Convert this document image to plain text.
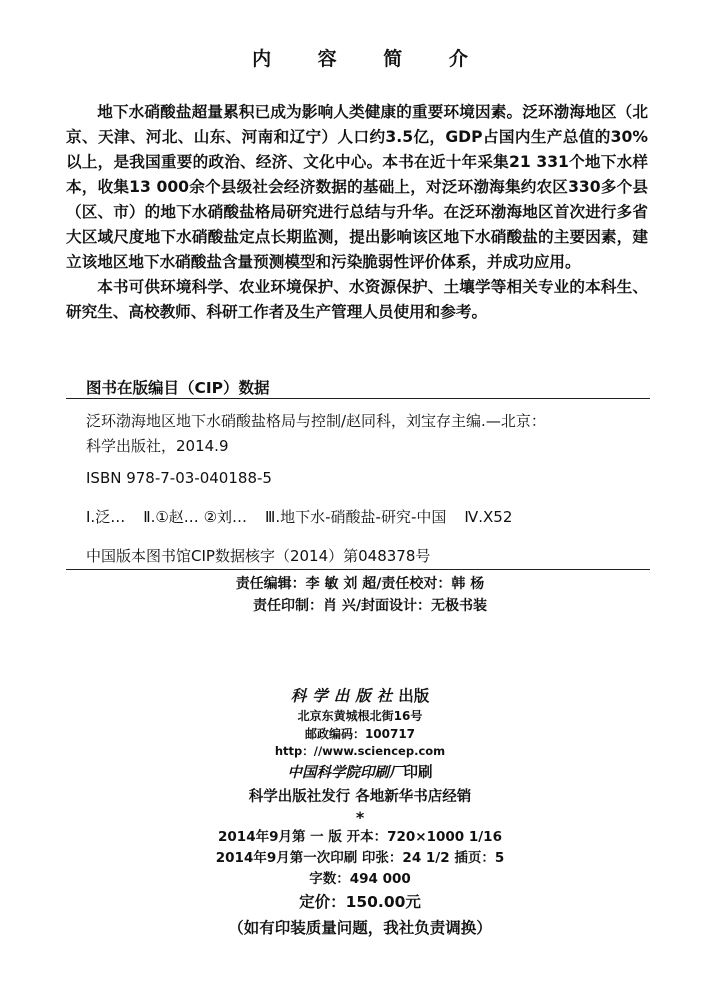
内 容 简 介

地下水硝酸盐超量累积已成为影响人类健康的重要环境因素。泛环渤海地区（北京、天津、河北、山东、河南和辽宁）人口约3.5亿，GDP占国内生产总值的30%以上，是我国重要的政治、经济、文化中心。本书在近十年采集21 331个地下水样本，收集13 000余个县级社会经济数据的基础上，对泛环渤海集约农区330多个县（区、市）的地下水硝酸盐格局研究进行总结与升华。在泛环渤海地区首次进行多省大区域尺度地下水硝酸盐定点长期监测，提出影响该区地下水硝酸盐的主要因素，建立该地区地下水硝酸盐含量预测模型和污染脆弱性评价体系，并成功应用。

本书可供环境科学、农业环境保护、水资源保护、土壤学等相关专业的本科生、研究生、高校教师、科研工作者及生产管理人员使用和参考。

图书在版编目（CIP）数据
泛环渤海地区地下水硝酸盐格局与控制/赵同科，刘宝存主编.—北京：
科学出版社，2014.9
ISBN 978-7-03-040188-5
Ⅰ.泛… Ⅱ.①赵… ②刘… Ⅲ.地下水-硝酸盐-研究-中国 Ⅳ.X52
中国版本图书馆CIP数据核字（2014）第048378号
责任编辑：李 敏 刘 超/责任校对：韩 杨
责任印制：肖 兴/封面设计：无极书装
科学出版社出版
北京东黄城根北街16号
邮政编码：100717
http：//www.sciencep.com
中国科学院印刷厂印刷
科学出版社发行 各地新华书店经销
*
2014年9月第 一 版 开本：720×1000 1/16
2014年9月第一次印刷 印张：24 1/2 插页：5
字数：494 000
定价：150.00元
（如有印装质量问题，我社负责调换）
